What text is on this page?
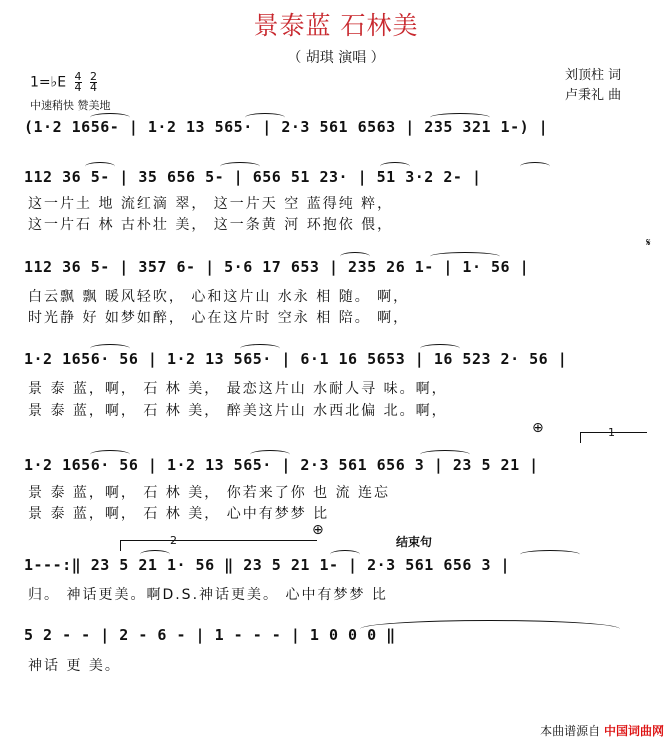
景泰蓝 石林美
（ 胡琪 演唱 ）
1=♭E $\frac{4}{4}$
$\frac{2}{4}$
中速稍快 赞美地
刘顶柱 词
卢秉礼 曲
(1·2 1656- | 1·2 13 565· | 2·3 561 6563 | 235 321 1-) |
112 36 5- | 35 656 5- | 656 51 23· | 51 3·2 2- |
这一片土 地 流红滴 翠， 这一片天 空 蓝得纯 粹，
这一片石 林 古朴壮 美， 这一条黄 河 环抱依 偎，
112 36 5- | 357 6- | 5·6 17 653 | 235 26 1- | 1· 56 |
白云飘 飘 暖风轻吹， 心和这片山 水永 相 随。 啊，
时光静 好 如梦如醉， 心在这片时 空永 相 陪。 啊，
𝄋
1·2 1656· 56 | 1·2 13 565· | 6·1 16 5653 | 16 523 2· 56 |
景 泰 蓝，啊， 石 林 美， 最恋这片山 水耐人寻 味。啊，
景 泰 蓝，啊， 石 林 美， 醉美这片山 水西北偏 北。啊，
⊕	1
1·2 1656· 56 | 1·2 13 565· | 2·3 561 656 3 | 23 5 21 |
景 泰 蓝，啊， 石 林 美， 你若来了你 也 流 连忘
景 泰 蓝，啊， 石 林 美， 心中有梦梦 比
⊕
2	结束句
1---:‖ 23 5 21 1· 56 ‖ 23 5 21 1- | 2·3 561 656 3 |
归。 神话更美。啊D.S.神话更美。 心中有梦梦 比
5 2 - - | 2 - 6 - | 1 - - - | 1 0 0 0 ‖
神话 更 美。
本曲谱源自 中国词曲网
